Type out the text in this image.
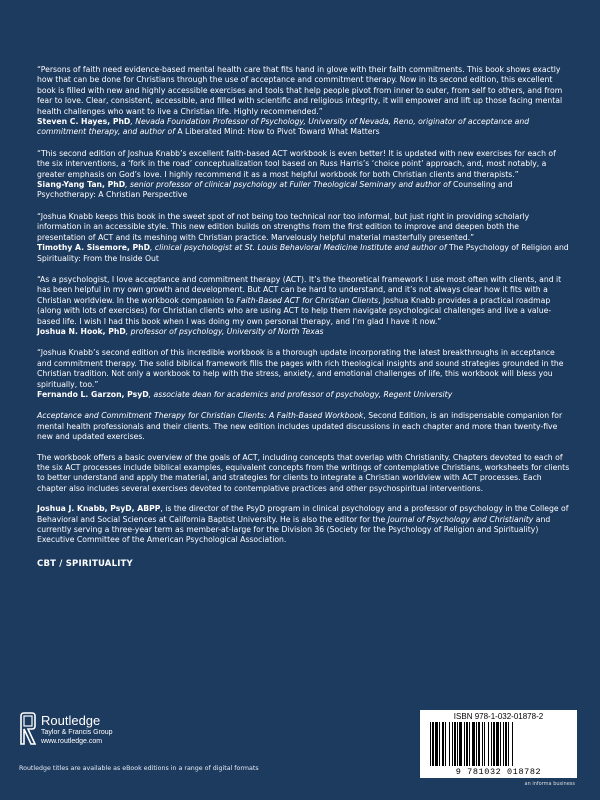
“Persons of faith need evidence-based mental health care that fits hand in glove with their faith commitments. This book shows exactly how that can be done for Christians through the use of acceptance and commitment therapy. Now in its second edition, this excellent book is filled with new and highly accessible exercises and tools that help people pivot from inner to outer, from self to others, and from fear to love. Clear, consistent, accessible, and filled with scientific and religious integrity, it will empower and lift up those facing mental health challenges who want to live a Christian life. Highly recommended.”

Steven C. Hayes, PhD, Nevada Foundation Professor of Psychology, University of Nevada, Reno, originator of acceptance and commitment therapy, and author of A Liberated Mind: How to Pivot Toward What Matters

“This second edition of Joshua Knabb’s excellent faith-based ACT workbook is even better! It is updated with new exercises for each of the six interventions, a ‘fork in the road’ conceptualization tool based on Russ Harris’s ‘choice point’ approach, and, most notably, a greater emphasis on God’s love. I highly recommend it as a most helpful workbook for both Christian clients and therapists.”

Siang-Yang Tan, PhD, senior professor of clinical psychology at Fuller Theological Seminary and author of Counseling and Psychotherapy: A Christian Perspective

“Joshua Knabb keeps this book in the sweet spot of not being too technical nor too informal, but just right in providing scholarly information in an accessible style. This new edition builds on strengths from the first edition to improve and deepen both the presentation of ACT and its meshing with Christian practice. Marvelously helpful material masterfully presented.”

Timothy A. Sisemore, PhD, clinical psychologist at St. Louis Behavioral Medicine Institute and author of The Psychology of Religion and Spirituality: From the Inside Out

“As a psychologist, I love acceptance and commitment therapy (ACT). It’s the theoretical framework I use most often with clients, and it has been helpful in my own growth and development. But ACT can be hard to understand, and it’s not always clear how it fits with a Christian worldview. In the workbook companion to Faith-Based ACT for Christian Clients, Joshua Knabb provides a practical roadmap (along with lots of exercises) for Christian clients who are using ACT to help them navigate psychological challenges and live a value-based life. I wish I had this book when I was doing my own personal therapy, and I’m glad I have it now.”

Joshua N. Hook, PhD, professor of psychology, University of North Texas

“Joshua Knabb’s second edition of this incredible workbook is a thorough update incorporating the latest breakthroughs in acceptance and commitment therapy. The solid biblical framework fills the pages with rich theological insights and sound strategies grounded in the Christian tradition. Not only a workbook to help with the stress, anxiety, and emotional challenges of life, this workbook will bless you spiritually, too.”

Fernando L. Garzon, PsyD, associate dean for academics and professor of psychology, Regent University

Acceptance and Commitment Therapy for Christian Clients: A Faith-Based Workbook, Second Edition, is an indispensable companion for mental health professionals and their clients. The new edition includes updated discussions in each chapter and more than twenty-five new and updated exercises.

The workbook offers a basic overview of the goals of ACT, including concepts that overlap with Christianity. Chapters devoted to each of the six ACT processes include biblical examples, equivalent concepts from the writings of contemplative Christians, worksheets for clients to better understand and apply the material, and strategies for clients to integrate a Christian worldview with ACT processes. Each chapter also includes several exercises devoted to contemplative practices and other psychospiritual interventions.

Joshua J. Knabb, PsyD, ABPP, is the director of the PsyD program in clinical psychology and a professor of psychology in the College of Behavioral and Social Sciences at California Baptist University. He is also the editor for the Journal of Psychology and Christianity and currently serving a three-year term as member-at-large for the Division 36 (Society for the Psychology of Religion and Spirituality) Executive Committee of the American Psychological Association.

CBT / SPIRITUALITY
Routledge
Taylor & Francis Group
www.routledge.com
Routledge titles are available as eBook editions in a range of digital formats
ISBN 978-1-032-01878-2
9 781032 018782
an informa business
